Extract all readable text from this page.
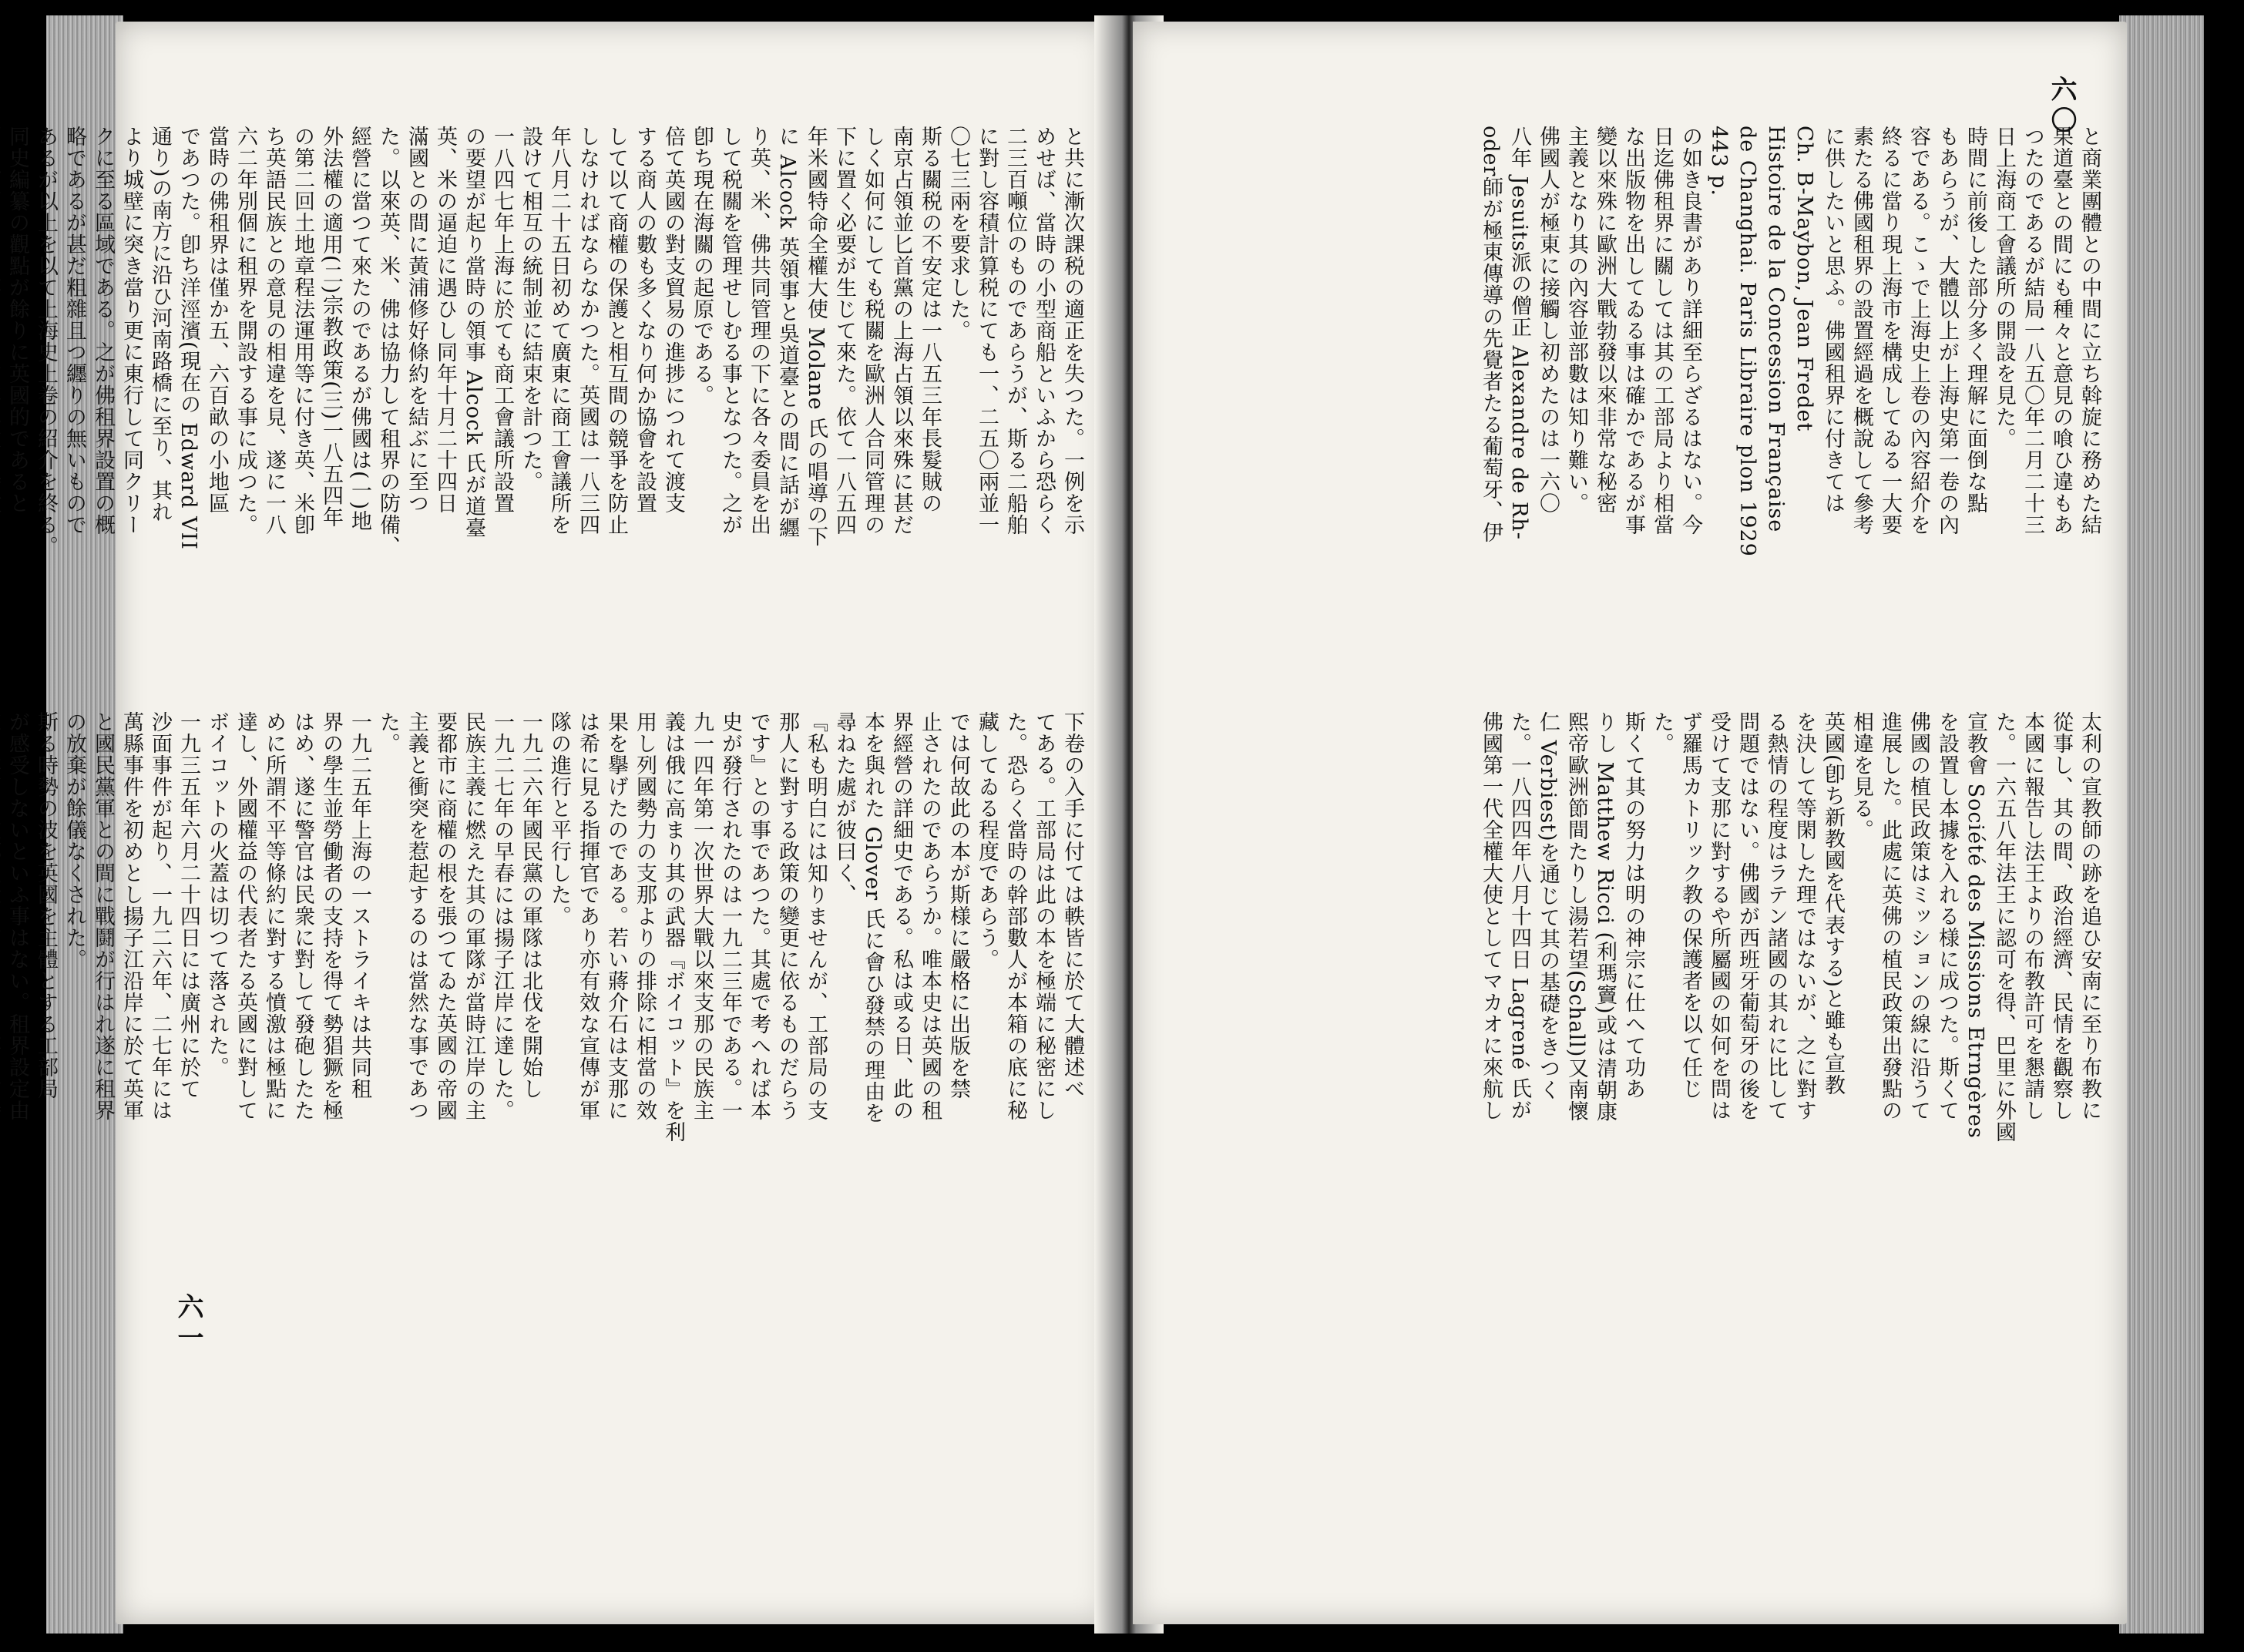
と共に漸次課税の適正を失つた。一例を示
めせば、當時の小型商船といふから恐らく
二三百噸位のものであらうが、斯る二船舶
に對し容積計算税にても一、二五〇兩並一
〇七三兩を要求した。
斯る關税の不安定は一八五三年長髮賊の
南京占領並匕首黨の上海占領以來殊に甚だ
しく如何にしても税關を歐洲人合同管理の
下に置く必要が生じて來た。依て一八五四
年米國特命全權大使 Molane 氏の唱導の下
に Alcock 英領事と吳道臺との間に話が纒
り英、米、佛共同管理の下に各々委員を出
して税關を管理せしむる事となつた。之が
卽ち現在海關の起原である。
倍て英國の對支貿易の進捗につれて渡支
する商人の數も多くなり何か協會を設置
して以て商權の保護と相互間の競爭を防止
しなければならなかつた。英國は一八三四
年八月二十五日初めて廣東に商工會議所を
設けて相互の統制並に結束を計つた。
一八四七年上海に於ても商工會議所設置
の要望が起り當時の領事 Alcock 氏が道臺
英、米の逼迫に遇ひし同年十月二十四日
滿國との間に黃浦修好條約を結ぶに至つ
た。以來英、米、佛は協力して租界の防備、
經營に當つて來たのであるが佛國は(一)地
外法權の適用(二)宗教政策(三)一八五四年
の第二回土地章程法運用等に付き英、米卽
ち英語民族との意見の相違を見、遂に一八
六二年別個に租界を開設する事に成つた。
當時の佛租界は僅か五、六百畝の小地區
であつた。卽ち洋涇濱(現在の Edward VII
通り)の南方に沿ひ河南路橋に至り、其れ
より城壁に突き當り更に東行して同クリー
クに至る區域である。之が佛租界設置の概
略であるが甚だ粗雜且つ纒りの無いもので
あるが以上を以て上海史上卷の紹介を終る。
同史編纂の觀點が餘りに英國的であると
下卷の入手に付ては軼皆に於て大體述べ
てある。工部局は此の本を極端に秘密にし
た。恐らく當時の幹部數人が本箱の底に秘
藏してゐる程度であらう。
では何故此の本が斯様に嚴格に出版を禁
止されたのであらうか。唯本史は英國の租
界經營の詳細史である。私は或る日、此の
本を與れた Glover 氏に會ひ發禁の理由を
尋ねた處が彼曰く、
『私も明白には知りませんが、工部局の支
那人に對する政策の變更に依るものだらう
です』との事であつた。其處で考へれば本
史が發行されたのは一九二三年である。一
九一四年第一次世界大戰以來支那の民族主
義は俄に高まり其の武器『ボイコット』を利
用し列國勢力の支那よりの排除に相當の效
果を擧げたのである。若い蔣介石は支那に
は希に見る指揮官であり亦有效な宣傳が軍
隊の進行と平行した。
一九二六年國民黨の軍隊は北伐を開始し
一九二七年の早春には揚子江岸に達した。
民族主義に燃えた其の軍隊が當時江岸の主
要都市に商權の根を張つてゐた英國の帝國
主義と衝突を惹起するのは當然な事であつ
た。
一九二五年上海の一ストライキは共同租
界の學生並勞働者の支持を得て勢猖獗を極
はめ、遂に警官は民衆に對して發砲したた
めに所謂不平等條約に對する憤激は極點に
達し、外國權益の代表者たる英國に對して
ボイコットの火蓋は切つて落された。
一九三五年六月二十四日には廣州に於て
沙面事件が起り、一九二六年、二七年には
萬縣事件を初めとし揚子江沿岸に於て英軍
と國民黨軍との間に戰鬪が行はれ遂に租界
の放棄が餘儀なくされた。
斯る時勢の波を英國を主體とする工部局
が感受しないといふ事はない。租界設定由
六一
六〇
と商業團體との中間に立ち斡旋に務めた結
果道臺との間にも種々と意見の喰ひ違もあ
つたのであるが結局一八五〇年二月二十三
日上海商工會議所の開設を見た。
時間に前後した部分多く理解に面倒な點
もあらうが、大體以上が上海史第一卷の內
容である。こゝで上海史上卷の內容紹介を
終るに當り現上海市を構成してゐる一大要
素たる佛國租界の設置經過を概說して參考
に供したいと思ふ。佛國租界に付きては
Ch. B-Maybon, Jean Fredet
Histoire de la Concession Française
de Changhai. Paris Libraire plon 1929
443 p.
の如き良書があり詳細至らざるはない。今
日迄佛租界に關しては其の工部局より相當
な出版物を出してゐる事は確かであるが事
變以來殊に歐洲大戰勃發以來非常な秘密
主義となり其の內容並部數は知り難い。
佛國人が極東に接觸し初めたのは一六〇
八年 Jesuits派の僧正 Alexandre de Rh-
oder師が極東傳導の先覺者たる葡萄牙、伊
太利の宣教師の跡を追ひ安南に至り布教に
從事し、其の間、政治經濟、民情を觀察し
本國に報告し法王よりの布教許可を懇請し
た。一六五八年法王に認可を得、巴里に外國
宣教會 Société des Missions Etrngères
を設置し本據を入れる様に成つた。斯くて
佛國の植民政策はミッションの線に沿うて
進展した。此處に英佛の植民政策出發點の
相違を見る。
英國(卽ち新教國を代表する)と雖も宣教
を決して等閑した理ではないが、之に對す
る熱情の程度はラテン諸國の其れに比して
問題ではない。佛國が西班牙葡萄牙の後を
受けて支那に對するや所屬國の如何を問は
ず羅馬カトリック教の保護者を以て任じ
た。
斯くて其の努力は明の神宗に仕へて功あ
りし Matthew Ricci (利瑪竇)或は清朝康
熙帝歐洲節間たりし湯若望(Schall)又南懷
仁 Verbiest)を通じて其の基礎をきつく
た。一八四四年八月十四日 Lagrené 氏が
佛國第一代全權大使としてマカオに來航し
